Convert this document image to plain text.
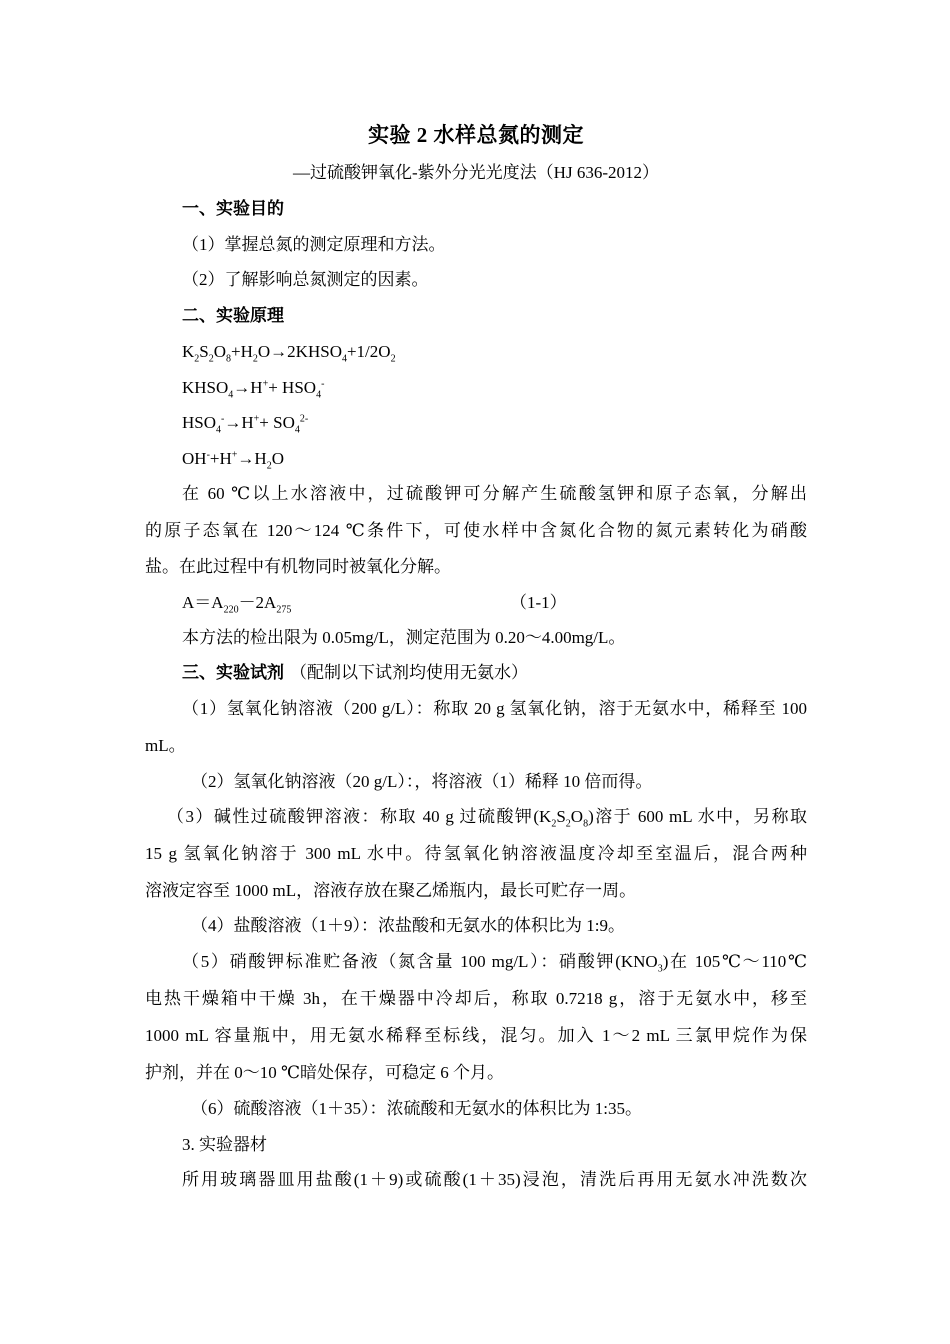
实验 2 水样总氮的测定
—过硫酸钾氧化-紫外分光光度法（HJ 636-2012）
一、实验目的
（1）掌握总氮的测定原理和方法。
（2）了解影响总氮测定的因素。
二、实验原理
$K_2S_2O_8+H_2O\to 2KHSO_4+1/2O_2$
$KHSO_4\to H^++ HSO_4^-$
$HSO_4^-\to H^++ SO_4^{2-}$
$OH^-+H^+\to H_2O$
在 60 ℃以上水溶液中，过硫酸钾可分解产生硫酸氢钾和原子态氧，分解出
的原子态氧在 120～124 ℃条件下，可使水样中含氮化合物的氮元素转化为硝酸
盐。在此过程中有机物同时被氧化分解。
$A=A_{220}-2A_{275}$	（1-1）
本方法的检出限为 0.05mg/L，测定范围为 0.20～4.00mg/L。
三、实验试剂 （配制以下试剂均使用无氨水）
（1）氢氧化钠溶液（200 g/L）：称取 20 g 氢氧化钠，溶于无氨水中，稀释至 100
mL。
（2）氢氧化钠溶液（20 g/L）：，将溶液（1）稀释 10 倍而得。
（3）碱性过硫酸钾溶液：称取 40 g 过硫酸钾$(K_2S_2O_8)$溶于 600 mL 水中，另称取
15 g 氢氧化钠溶于 300 mL 水中。待氢氧化钠溶液温度冷却至室温后，混合两种
溶液定容至 1000 mL，溶液存放在聚乙烯瓶内，最长可贮存一周。
（4）盐酸溶液（1＋9）：浓盐酸和无氨水的体积比为 1:9。
（5）硝酸钾标准贮备液（氮含量 100 mg/L）：硝酸钾$(KNO_3)$在 105℃～110℃
电热干燥箱中干燥 3h，在干燥器中冷却后，称取 0.7218 g，溶于无氨水中，移至
1000 mL 容量瓶中，用无氨水稀释至标线，混匀。加入 1～2 mL 三氯甲烷作为保
护剂，并在 0～10 ℃暗处保存，可稳定 6 个月。
（6）硫酸溶液（1＋35）：浓硫酸和无氨水的体积比为 1:35。
3. 实验器材
所用玻璃器皿用盐酸(1＋9)或硫酸(1＋35)浸泡，清洗后再用无氨水冲洗数次
